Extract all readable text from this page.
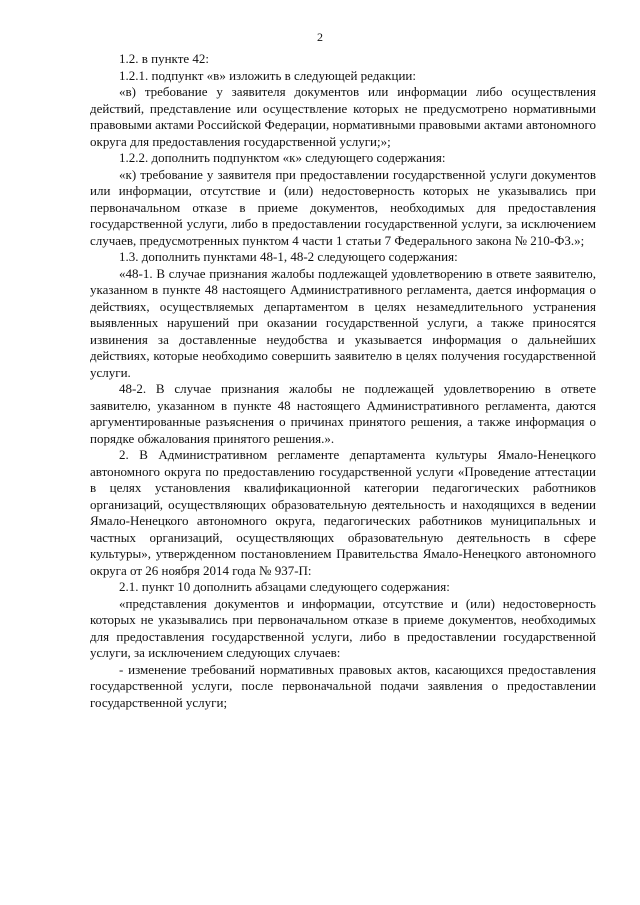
2

1.2. в пункте 42:

1.2.1. подпункт «в» изложить в следующей редакции:

«в) требование у заявителя документов или информации либо осуществления действий, представление или осуществление которых не предусмотрено нормативными правовыми актами Российской Федерации, нормативными правовыми актами автономного округа для предоставления государственной услуги;»;

1.2.2. дополнить подпунктом «к» следующего содержания:

«к) требование у заявителя при предоставлении государственной услуги документов или информации, отсутствие и (или) недостоверность которых не указывались при первоначальном отказе в приеме документов, необходимых для предоставления государственной услуги, либо в предоставлении государственной услуги, за исключением случаев, предусмотренных пунктом 4 части 1 статьи 7 Федерального закона № 210-ФЗ.»;

1.3. дополнить пунктами 48-1, 48-2 следующего содержания:

«48-1. В случае признания жалобы подлежащей удовлетворению в ответе заявителю, указанном в пункте 48 настоящего Административного регламента, дается информация о действиях, осуществляемых департаментом в целях незамедлительного устранения выявленных нарушений при оказании государственной услуги, а также приносятся извинения за доставленные неудобства и указывается информация о дальнейших действиях, которые необходимо совершить заявителю в целях получения государственной услуги.

48-2. В случае признания жалобы не подлежащей удовлетворению в ответе заявителю, указанном в пункте 48 настоящего Административного регламента, даются аргументированные разъяснения о причинах принятого решения, а также информация о порядке обжалования принятого решения.».

2. В Административном регламенте департамента культуры Ямало-Ненецкого автономного округа по предоставлению государственной услуги «Проведение аттестации в целях установления квалификационной категории педагогических работников организаций, осуществляющих образовательную деятельность и находящихся в ведении Ямало-Ненецкого автономного округа, педагогических работников муниципальных и частных организаций, осуществляющих образовательную деятельность в сфере культуры», утвержденном постановлением Правительства Ямало-Ненецкого автономного округа от 26 ноября 2014 года № 937-П:

2.1. пункт 10 дополнить абзацами следующего содержания:

«представления документов и информации, отсутствие и (или) недостоверность которых не указывались при первоначальном отказе в приеме документов, необходимых для предоставления государственной услуги, либо в предоставлении государственной услуги, за исключением следующих случаев:

- изменение требований нормативных правовых актов, касающихся предоставления государственной услуги, после первоначальной подачи заявления о предоставлении государственной услуги;
